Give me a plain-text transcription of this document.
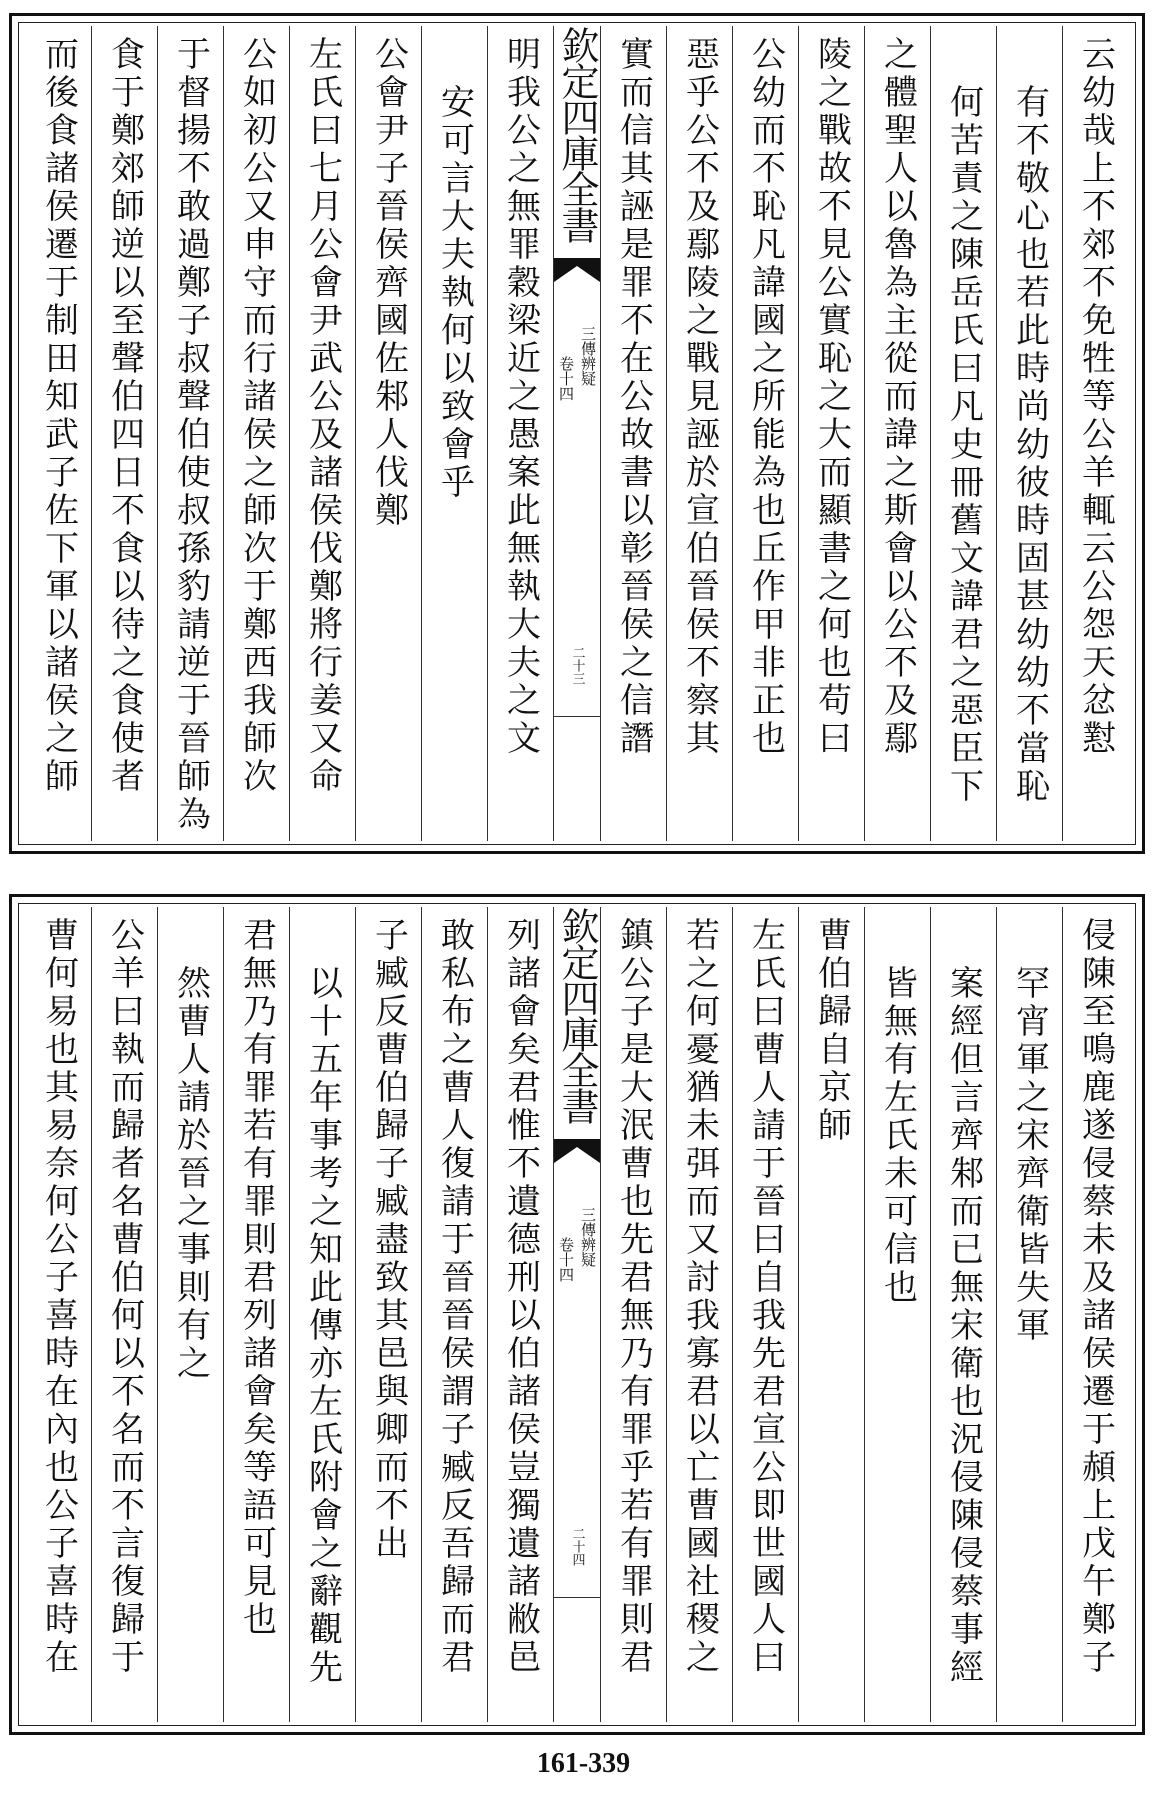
云幼哉上不郊不免牲等公羊輒云公怨天忿懟
有不敬心也若此時尚幼彼時固甚幼幼不當恥
何苦責之陳岳氏曰凡史冊舊文諱君之惡臣下
之體聖人以魯為主從而諱之斯會以公不及鄢
陵之戰故不見公實恥之大而顯書之何也苟曰
公幼而不恥凡諱國之所能為也丘作甲非正也
惡乎公不及鄢陵之戰見誣於宣伯晉侯不察其
實而信其誣是罪不在公故書以彰晉侯之信譖
欽定四庫全書
三傳辨疑
卷十四
二十三
明我公之無罪穀梁近之愚案此無執大夫之文
安可言大夫執何以致會乎
公會尹子晉侯齊國佐邾人伐鄭
左氏曰七月公會尹武公及諸侯伐鄭將行姜又命
公如初公又申守而行諸侯之師次于鄭西我師次
于督揚不敢過鄭子叔聲伯使叔孫豹請逆于晉師為
食于鄭郊師逆以至聲伯四日不食以待之食使者
而後食諸侯遷于制田知武子佐下軍以諸侯之師
侵陳至鳴鹿遂侵蔡未及諸侯遷于頳上戊午鄭子
罕宵軍之宋齊衛皆失軍
案經但言齊邾而已無宋衛也況侵陳侵蔡事經
皆無有左氏未可信也
曹伯歸自京師
左氏曰曹人請于晉曰自我先君宣公即世國人曰
若之何憂猶未弭而又討我寡君以亡曹國社稷之
鎮公子是大泯曹也先君無乃有罪乎若有罪則君
欽定四庫全書
三傳辨疑
卷十四
二十四
列諸會矣君惟不遺德刑以伯諸侯豈獨遺諸敝邑
敢私布之曹人復請于晉晉侯謂子臧反吾歸而君
子臧反曹伯歸子臧盡致其邑與卿而不出
以十五年事考之知此傳亦左氏附會之辭觀先
君無乃有罪若有罪則君列諸會矣等語可見也
然曹人請於晉之事則有之
公羊曰執而歸者名曹伯何以不名而不言復歸于
曹何易也其易奈何公子喜時在內也公子喜時在
161-339
